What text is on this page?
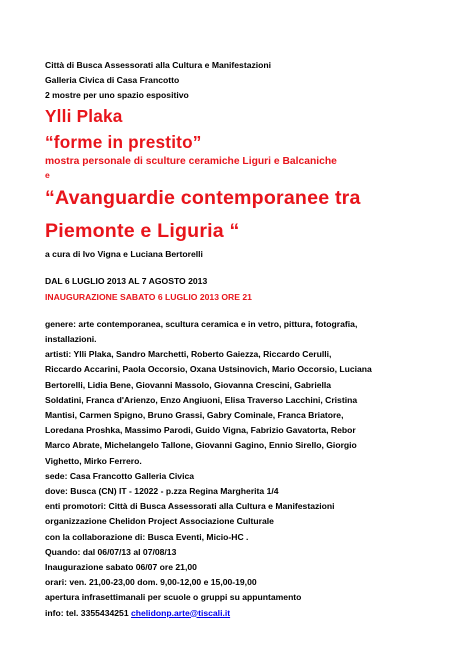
Città di Busca Assessorati alla Cultura e Manifestazioni
Galleria Civica di Casa Francotto
2 mostre per uno spazio espositivo
Ylli Plaka
“forme in prestito”
mostra personale di sculture ceramiche Liguri e Balcaniche
e
“Avanguardie contemporanee tra
Piemonte e Liguria “
a cura di Ivo Vigna e Luciana Bertorelli
DAL 6 LUGLIO 2013 AL 7 AGOSTO 2013
INAUGURAZIONE SABATO 6 LUGLIO 2013 ORE 21
genere: arte contemporanea, scultura ceramica e in vetro, pittura, fotografia,
installazioni.
artisti: Ylli Plaka, Sandro Marchetti, Roberto Gaiezza, Riccardo Cerulli,
Riccardo Accarini, Paola Occorsio, Oxana Ustsinovich, Mario Occorsio, Luciana
Bertorelli, Lidia Bene, Giovanni Massolo, Giovanna Crescini, Gabriella
Soldatini, Franca d'Arienzo, Enzo Angiuoni, Elisa Traverso Lacchini, Cristina
Mantisi, Carmen Spigno, Bruno Grassi, Gabry Cominale, Franca Briatore,
Loredana Proshka, Massimo Parodi, Guido Vigna, Fabrizio Gavatorta, Rebor
Marco Abrate, Michelangelo Tallone, Giovanni Gagino, Ennio Sirello, Giorgio
Vighetto, Mirko Ferrero.
sede: Casa Francotto Galleria Civica
dove: Busca (CN) IT - 12022 - p.zza Regina Margherita 1/4
enti promotori: Città di Busca Assessorati alla Cultura e Manifestazioni
organizzazione Chelidon Project Associazione Culturale
con la collaborazione di: Busca Eventi, Micio-HC .
Quando: dal 06/07/13 al 07/08/13
Inaugurazione sabato 06/07 ore 21,00
orari: ven. 21,00-23,00 dom. 9,00-12,00 e 15,00-19,00
apertura infrasettimanali per scuole o gruppi su appuntamento
info: tel. 3355434251 chelidonp.arte@tiscali.it
